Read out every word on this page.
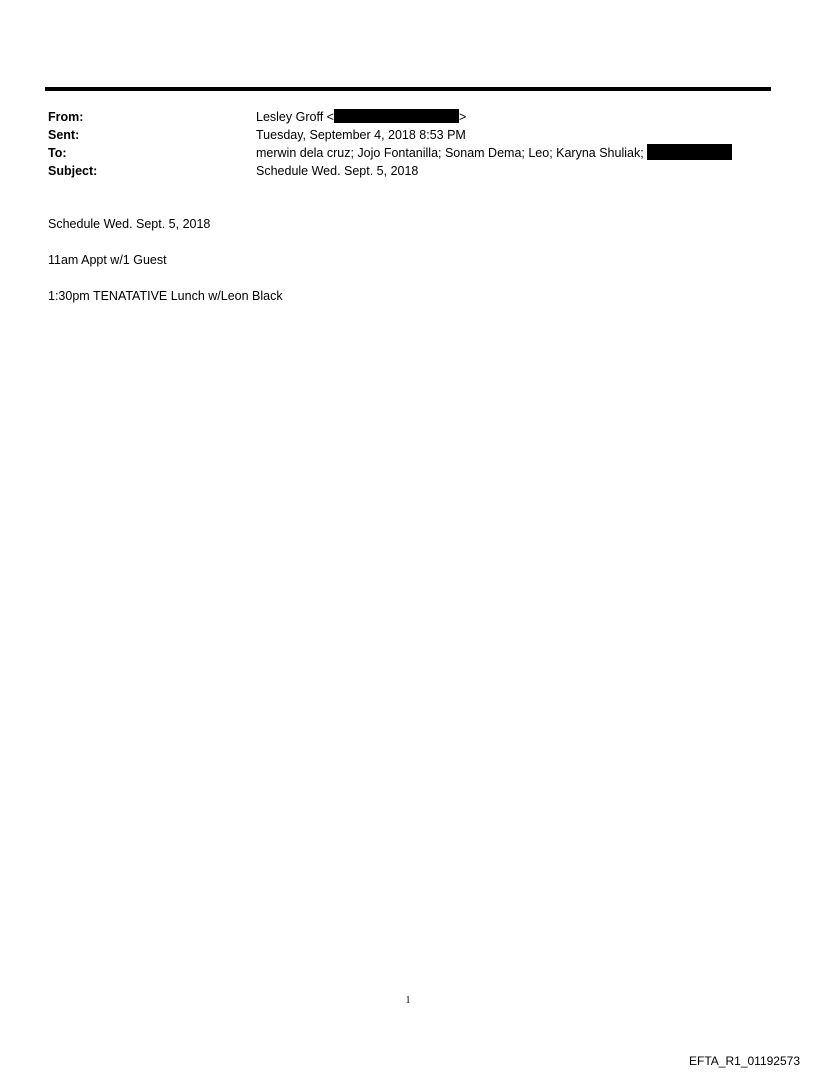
From:	Lesley Groff <	>
Sent:	Tuesday, September 4, 2018 8:53 PM
To:	merwin dela cruz; Jojo Fontanilla; Sonam Dema; Leo; Karyna Shuliak;
Subject:	Schedule Wed. Sept. 5, 2018
Schedule Wed. Sept. 5, 2018
11am Appt w/1 Guest
1:30pm TENATATIVE Lunch w/Leon Black
1
EFTA_R1_01192573
